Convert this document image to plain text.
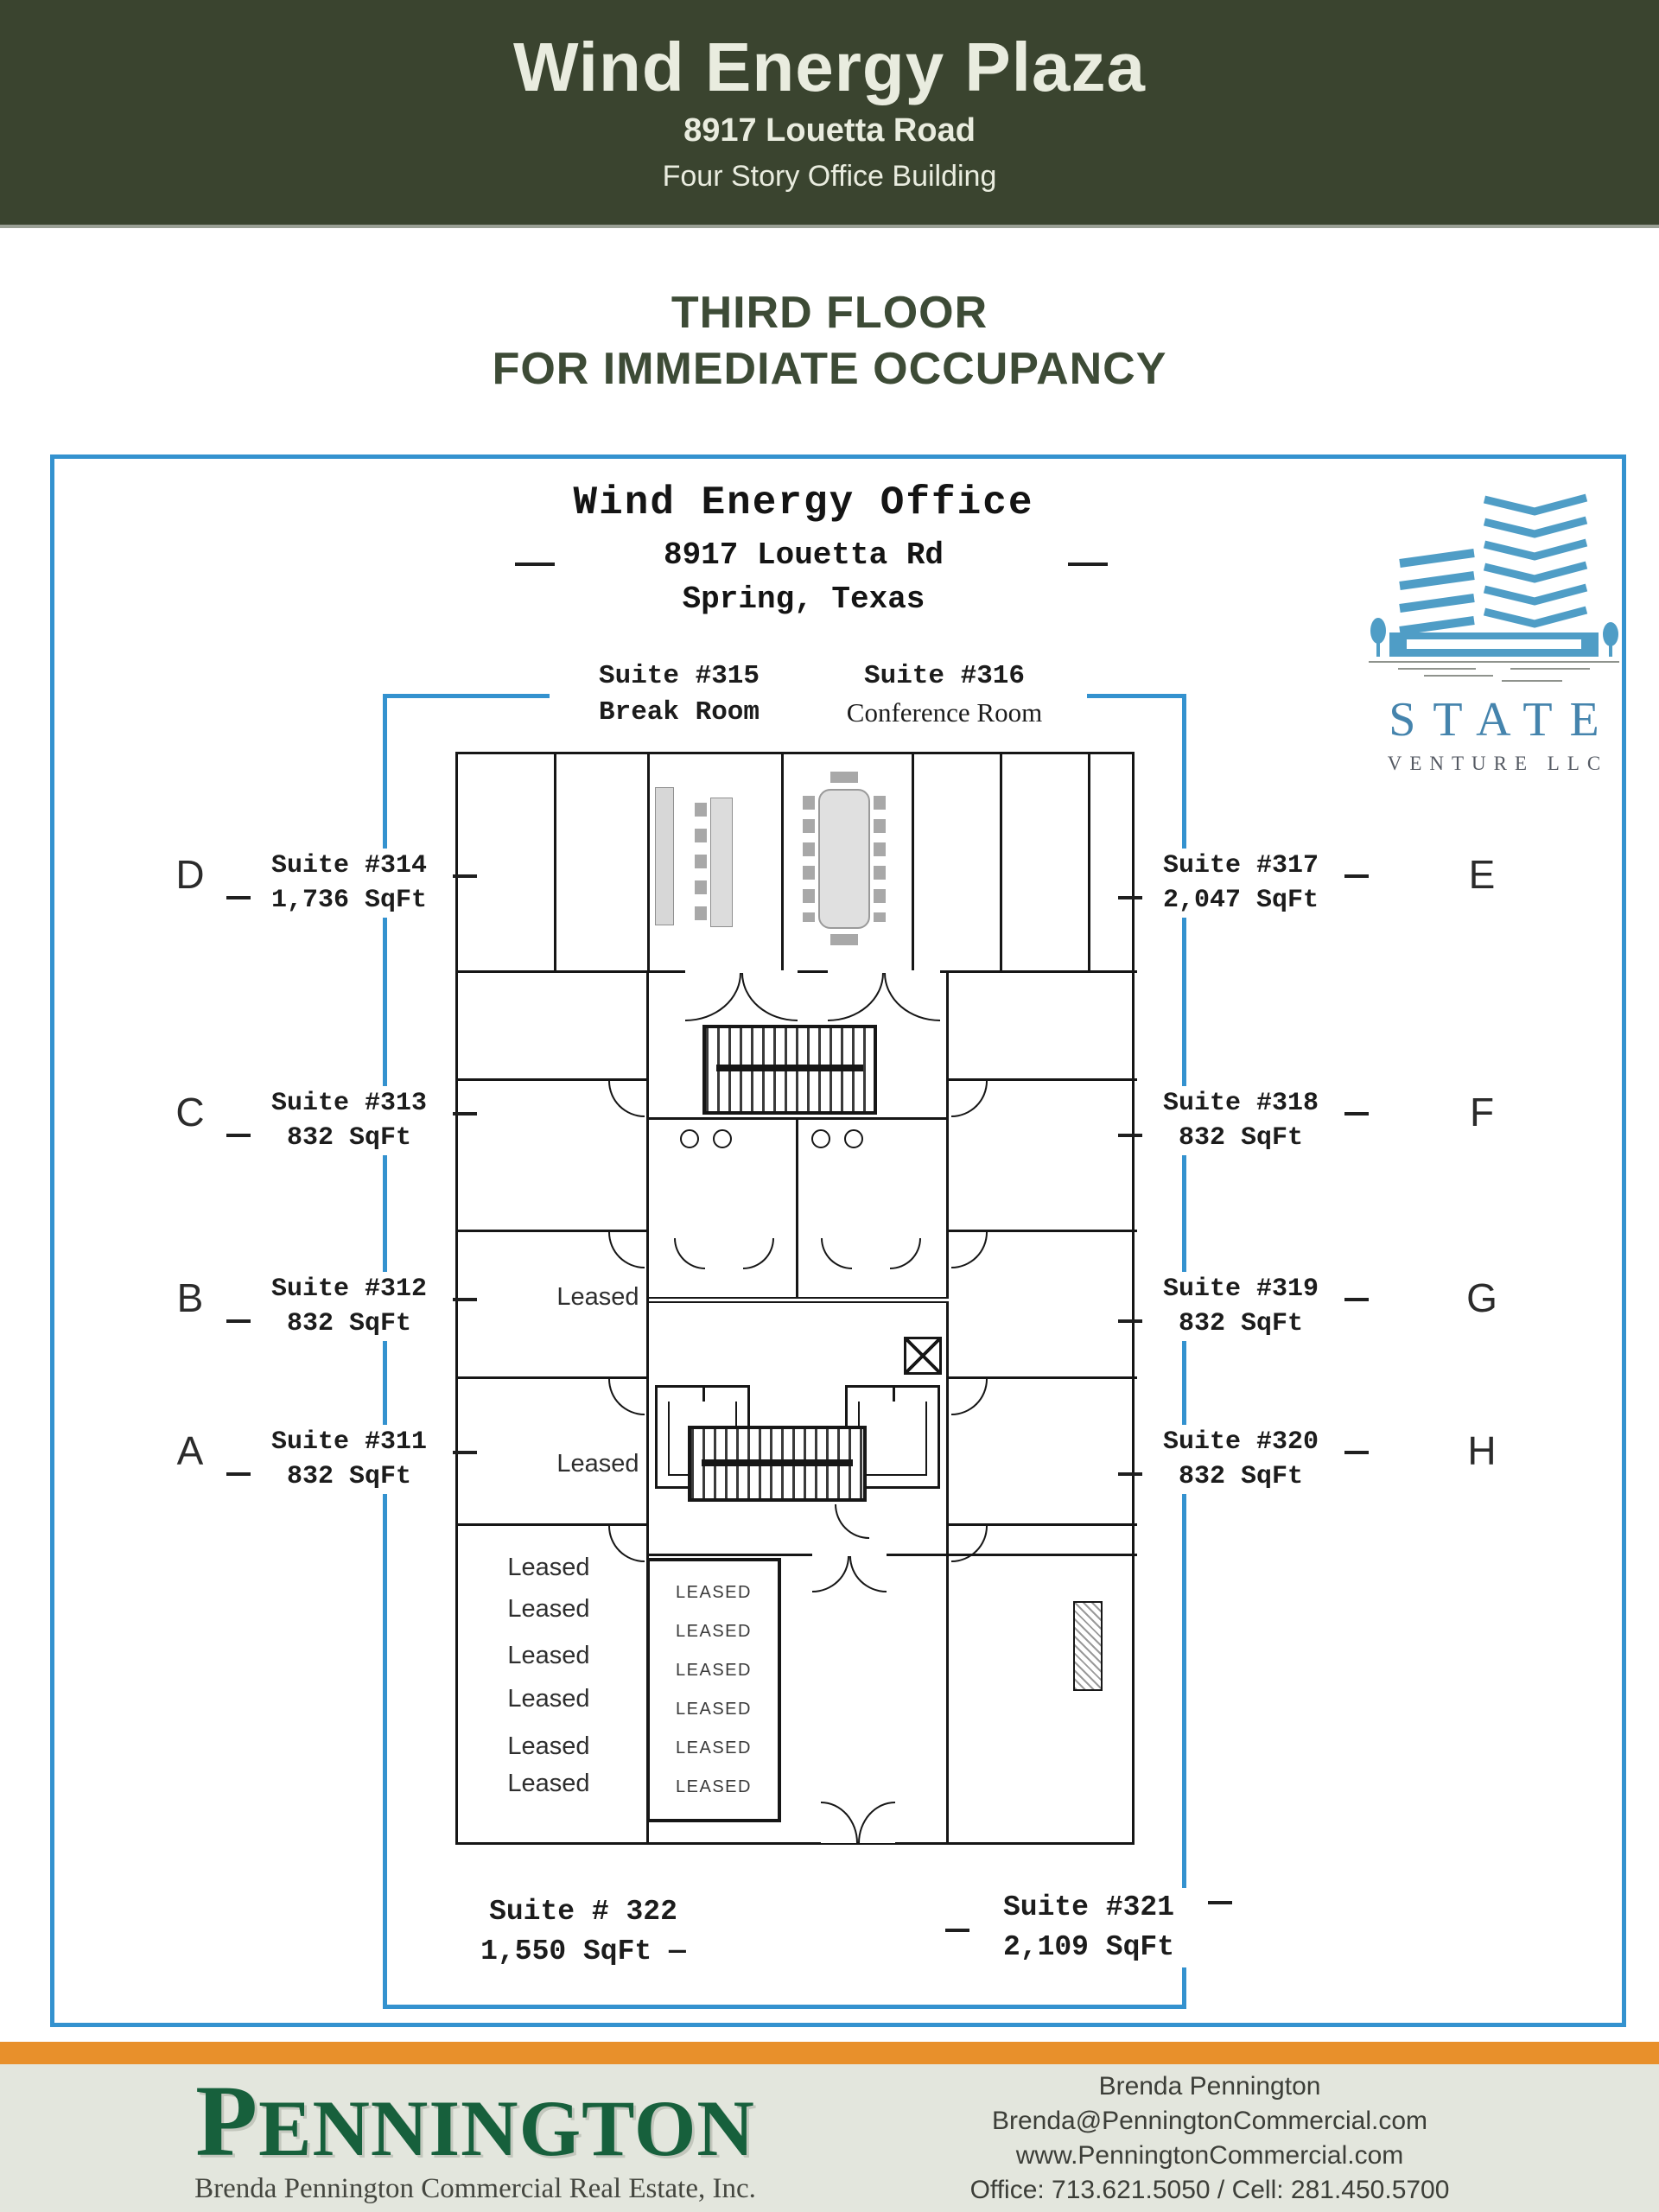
Wind Energy Plaza
8917 Louetta Road
Four Story Office Building
THIRD FLOOR
FOR IMMEDIATE OCCUPANCY
Wind Energy Office
8917 Louetta Rd
Spring, Texas
STATE
VENTURE LLC
Suite #315
Break Room
Suite #316
Conference Room
LEASED
LEASED
LEASED
LEASED
LEASED
LEASED
D	Suite #314
1,736 SqFt
C	Suite #313
832 SqFt
B	Suite #312
832 SqFt
A	Suite #311
832 SqFt
Suite #317
2,047 SqFt
E
Suite #318
832 SqFt
F
Suite #319
832 SqFt
G
Suite #320
832 SqFt
H
Leased
Leased
Leased
Leased
Leased
Leased
Leased
Leased
Suite # 322
1,550 SqFt —
Suite #321
2,109 SqFt
PENNINGTON
Brenda Pennington Commercial Real Estate, Inc.
Brenda Pennington
Brenda@PenningtonCommercial.com
www.PenningtonCommercial.com
Office: 713.621.5050 / Cell: 281.450.5700
